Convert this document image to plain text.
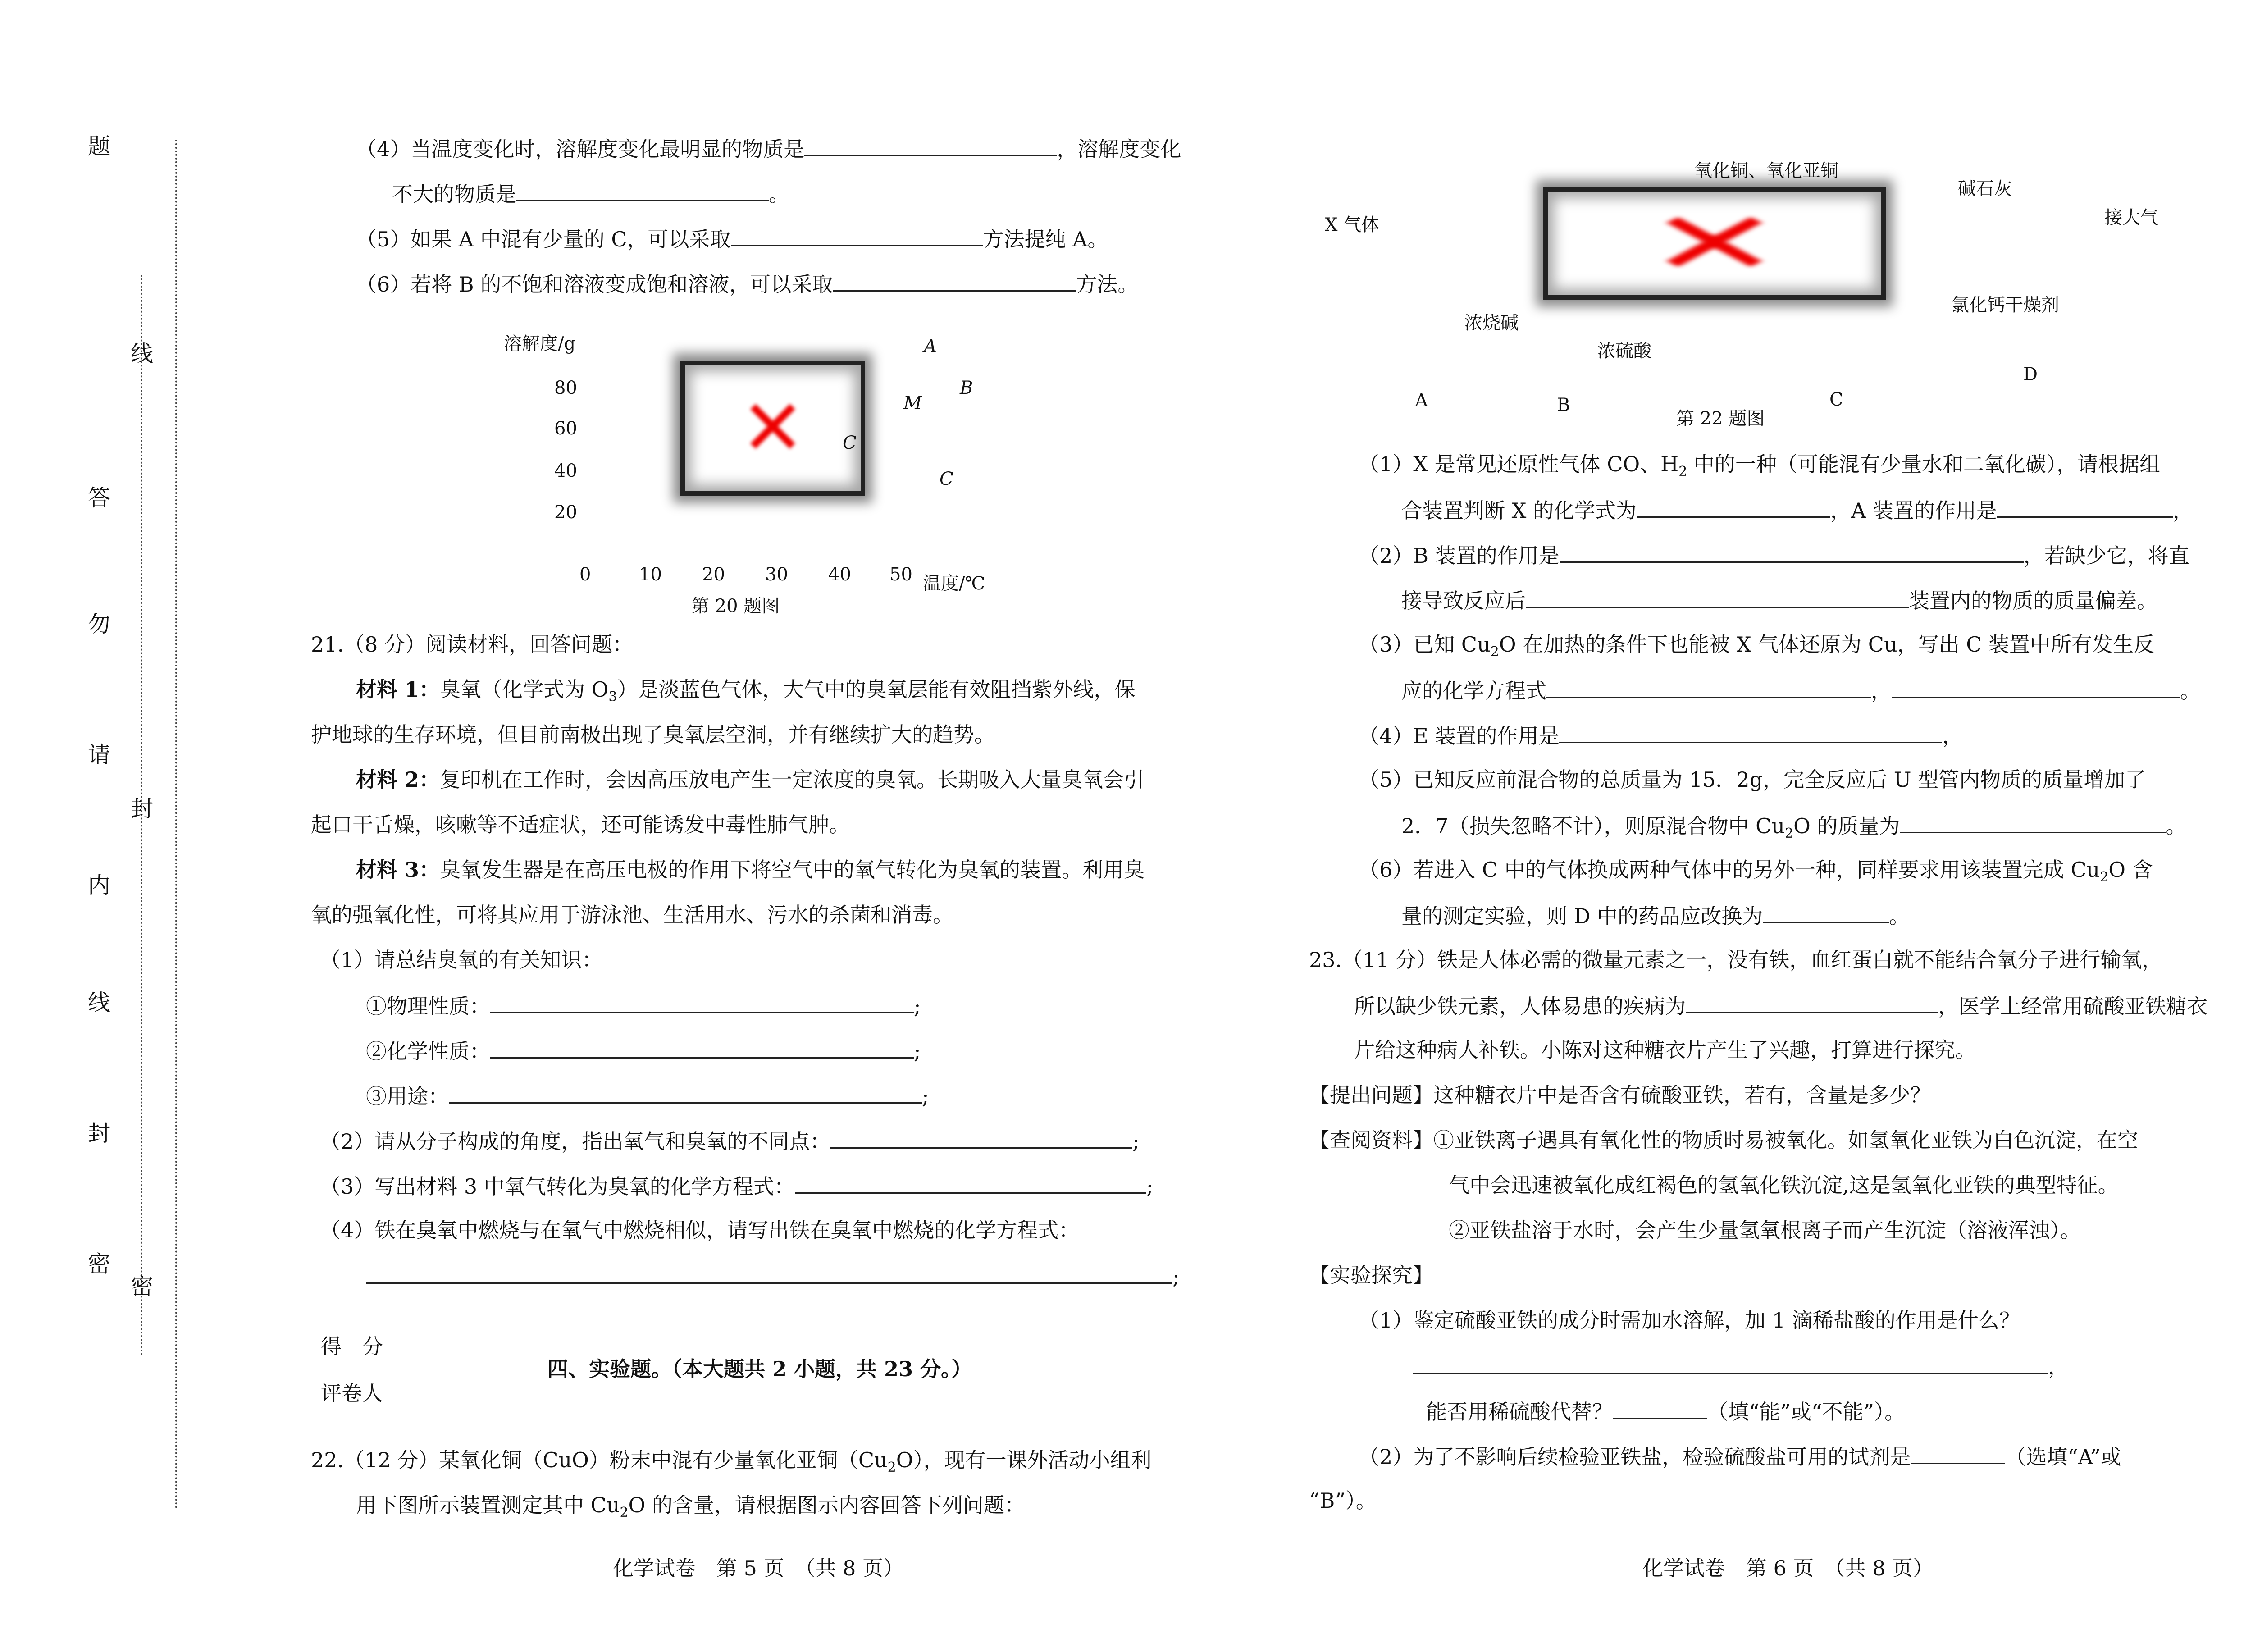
题
答
勿
请
内
线
封
密
线
封
密
（4）当温度变化时，溶解度变化最明显的物质是	，溶解度变化
不大的物质是	。
（5）如果 A 中混有少量的 C，可以采取	方法提纯 A。
（6）若将 B 的不饱和溶液变成饱和溶液，可以采取	方法。
溶解度/g
80
60
40
20
✕
A
B
M
C
C
0	10 20 30 40 50 温度/℃
第 20 题图
21.（8 分）阅读材料，回答问题：
材料 1：臭氧（化学式为 $O_3$）是淡蓝色气体，大气中的臭氧层能有效阻挡紫外线，保
护地球的生存环境，但目前南极出现了臭氧层空洞，并有继续扩大的趋势。
材料 2：复印机在工作时，会因高压放电产生一定浓度的臭氧。长期吸入大量臭氧会引
起口干舌燥，咳嗽等不适症状，还可能诱发中毒性肺气肿。
材料 3：臭氧发生器是在高压电极的作用下将空气中的氧气转化为臭氧的装置。利用臭
氧的强氧化性，可将其应用于游泳池、生活用水、污水的杀菌和消毒。
（1）请总结臭氧的有关知识：
①物理性质：	;
②化学性质：	;
③用途：	;
（2）请从分子构成的角度，指出氧气和臭氧的不同点：	;
（3）写出材料 3 中氧气转化为臭氧的化学方程式：	;
（4）铁在臭氧中燃烧与在氧气中燃烧相似，请写出铁在臭氧中燃烧的化学方程式：
;
得　分
评卷人
四、实验题。（本大题共 2 小题，共 23 分。）
22.（12 分）某氧化铜（CuO）粉末中混有少量氧化亚铜$(Cu_2O)$，现有一课外活动小组利
用下图所示装置测定其中 $Cu_2O$ 的含量，请根据图示内容回答下列问题：
化学试卷　第 5 页　（共 8 页）
X 气体
氧化铜、氧化亚铜
碱石灰
接大气
氯化钙干燥剂
浓烧碱
浓硫酸
A	B	C
D
✕
第 22 题图
（1）X 是常见还原性气体 CO、$H_2$ 中的一种（可能混有少量水和二氧化碳），请根据组
合装置判断 X 的化学式为	，A 装置的作用是	，
（2）B 装置的作用是	，若缺少它，将直
接导致反应后	装置内的物质的质量偏差。
（3）已知 $Cu_2O$ 在加热的条件下也能被 X 气体还原为 Cu，写出 C 装置中所有发生反
应的化学方程式	，	。
（4）E 装置的作用是	，
（5）已知反应前混合物的总质量为 15．2g，完全反应后 U 型管内物质的质量增加了
2．7（损失忽略不计），则原混合物中 $Cu_2O$ 的质量为	。
（6）若进入 C 中的气体换成两种气体中的另外一种，同样要求用该装置完成 $Cu_2O$ 含
量的测定实验，则 D 中的药品应改换为	。
23.（11 分）铁是人体必需的微量元素之一，没有铁，血红蛋白就不能结合氧分子进行输氧，
所以缺少铁元素，人体易患的疾病为	，医学上经常用硫酸亚铁糖衣
片给这种病人补铁。小陈对这种糖衣片产生了兴趣，打算进行探究。
【提出问题】这种糖衣片中是否含有硫酸亚铁，若有，含量是多少？
【查阅资料】①亚铁离子遇具有氧化性的物质时易被氧化。如氢氧化亚铁为白色沉淀，在空
气中会迅速被氧化成红褐色的氢氧化铁沉淀,这是氢氧化亚铁的典型特征。
②亚铁盐溶于水时，会产生少量氢氧根离子而产生沉淀（溶液浑浊）。
【实验探究】
（1）鉴定硫酸亚铁的成分时需加水溶解，加 1 滴稀盐酸的作用是什么？
，
能否用稀硫酸代替？	（填“能”或“不能”）。
（2）为了不影响后续检验亚铁盐，检验硫酸盐可用的试剂是	（选填“A”或
“B”）。
化学试卷　第 6 页　（共 8 页）
